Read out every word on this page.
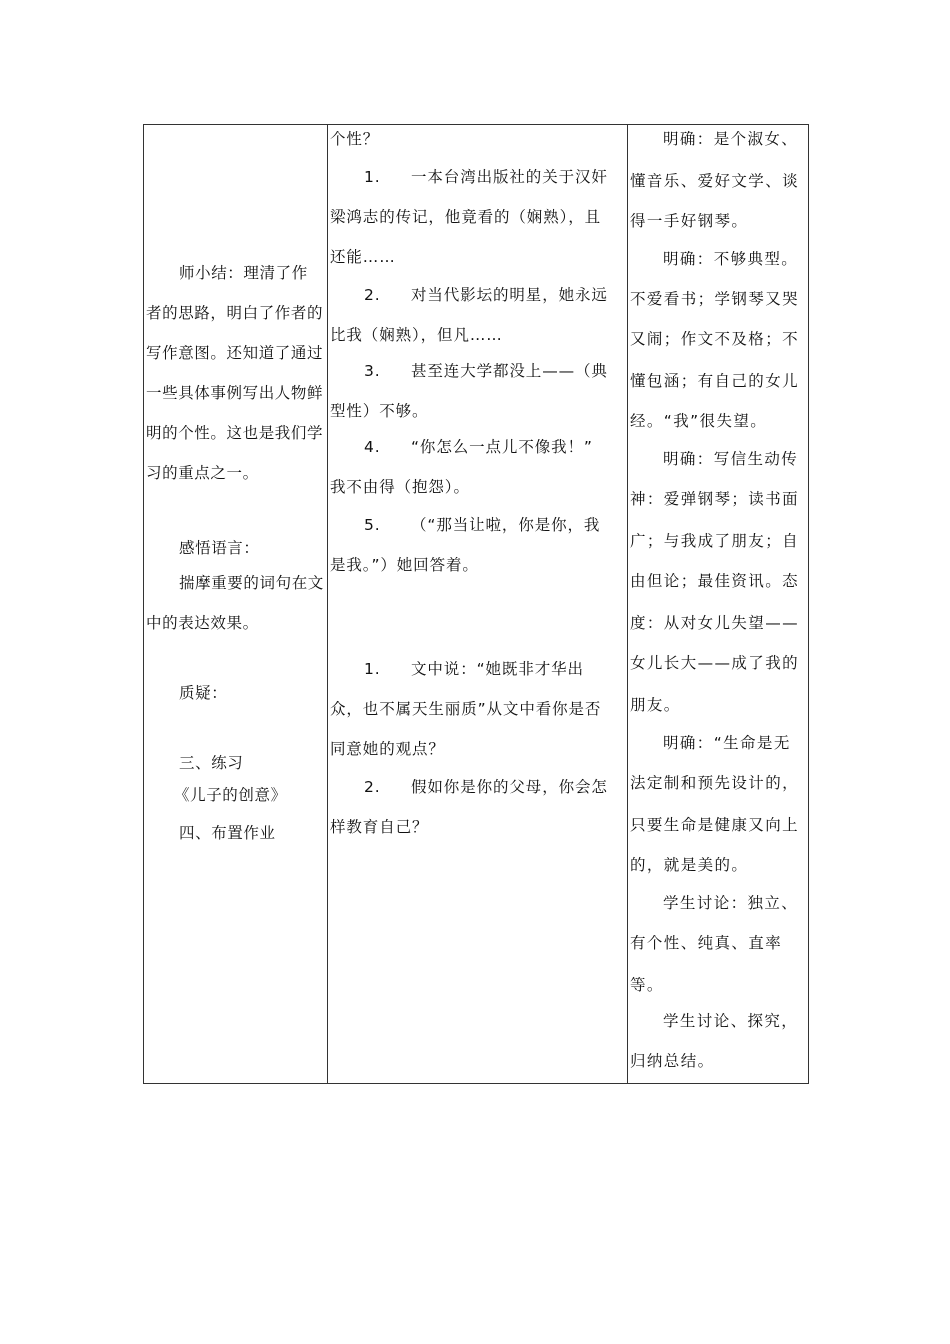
师小结：理清了作
者的思路，明白了作者的
写作意图。还知道了通过
一些具体事例写出人物鲜
明的个性。这也是我们学
习的重点之一。
感悟语言：
揣摩重要的词句在文
中的表达效果。
质疑：
三、练习
《儿子的创意》
四、布置作业
个性？
1. 一本台湾出版社的关于汉奸
梁鸿志的传记，他竟看的（娴熟），且
还能……
2. 对当代影坛的明星，她永远
比我（娴熟），但凡……
3. 甚至连大学都没上——（典
型性）不够。
4. “你怎么一点儿不像我！”
我不由得（抱怨）。
5. （“那当让啦，你是你，我
是我。”）她回答着。
1. 文中说：“她既非才华出
众，也不属天生丽质”从文中看你是否
同意她的观点？
2. 假如你是你的父母，你会怎
样教育自己？
明确：是个淑女、
懂音乐、爱好文学、谈
得一手好钢琴。
明确：不够典型。
不爱看书；学钢琴又哭
又闹；作文不及格；不
懂包涵；有自己的女儿
经。“我”很失望。
明确：写信生动传
神：爱弹钢琴；读书面
广；与我成了朋友；自
由但论；最佳资讯。态
度：从对女儿失望——
女儿长大——成了我的
朋友。
明确：“生命是无
法定制和预先设计的，
只要生命是健康又向上
的，就是美的。
学生讨论：独立、
有个性、纯真、直率
等。
学生讨论、探究，
归纳总结。
